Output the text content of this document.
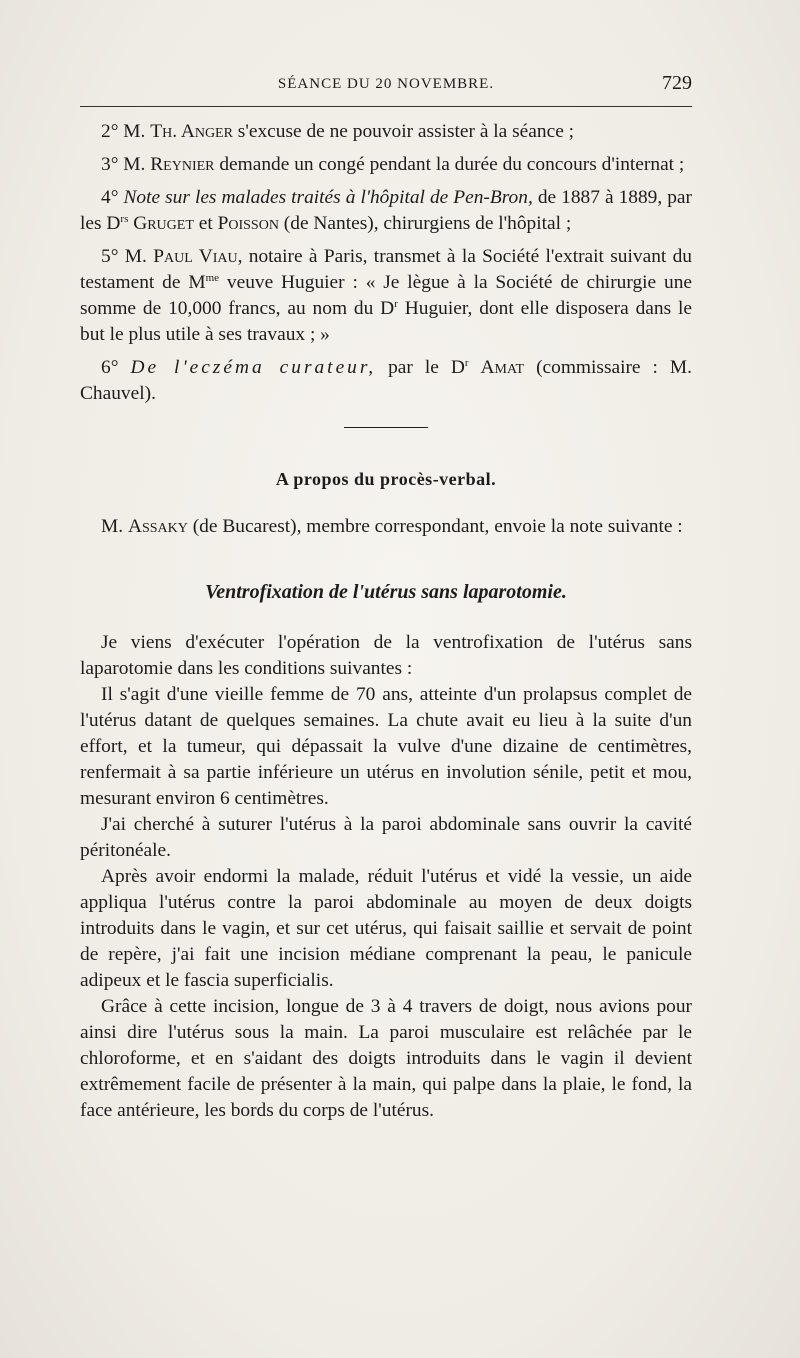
SÉANCE DU 20 NOVEMBRE.	729

2° M. Th. Anger s'excuse de ne pouvoir assister à la séance ;

3° M. Reynier demande un congé pendant la durée du concours d'internat ;

4° Note sur les malades traités à l'hôpital de Pen-Bron, de 1887 à 1889, par les $D^{rs}$ Gruget et Poisson (de Nantes), chirurgiens de l'hôpital ;

5° M. Paul Viau, notaire à Paris, transmet à la Société l'extrait suivant du testament de $M^{me}$ veuve Huguier : « Je lègue à la Société de chirurgie une somme de 10,000 francs, au nom du $D^r$ Huguier, dont elle disposera dans le but le plus utile à ses travaux ; »

6° De l'eczéma curateur, par le $D^r$ Amat (commissaire : M. Chauvel).

A propos du procès-verbal.

M. Assaky (de Bucarest), membre correspondant, envoie la note suivante :

Ventrofixation de l'utérus sans laparotomie.

Je viens d'exécuter l'opération de la ventrofixation de l'utérus sans laparotomie dans les conditions suivantes :

Il s'agit d'une vieille femme de 70 ans, atteinte d'un prolapsus complet de l'utérus datant de quelques semaines. La chute avait eu lieu à la suite d'un effort, et la tumeur, qui dépassait la vulve d'une dizaine de centimètres, renfermait à sa partie inférieure un utérus en involution sénile, petit et mou, mesurant environ 6 centimètres.

J'ai cherché à suturer l'utérus à la paroi abdominale sans ouvrir la cavité péritonéale.

Après avoir endormi la malade, réduit l'utérus et vidé la vessie, un aide appliqua l'utérus contre la paroi abdominale au moyen de deux doigts introduits dans le vagin, et sur cet utérus, qui faisait saillie et servait de point de repère, j'ai fait une incision médiane comprenant la peau, le panicule adipeux et le fascia superficialis.

Grâce à cette incision, longue de 3 à 4 travers de doigt, nous avions pour ainsi dire l'utérus sous la main. La paroi musculaire est relâchée par le chloroforme, et en s'aidant des doigts introduits dans le vagin il devient extrêmement facile de présenter à la main, qui palpe dans la plaie, le fond, la face antérieure, les bords du corps de l'utérus.
